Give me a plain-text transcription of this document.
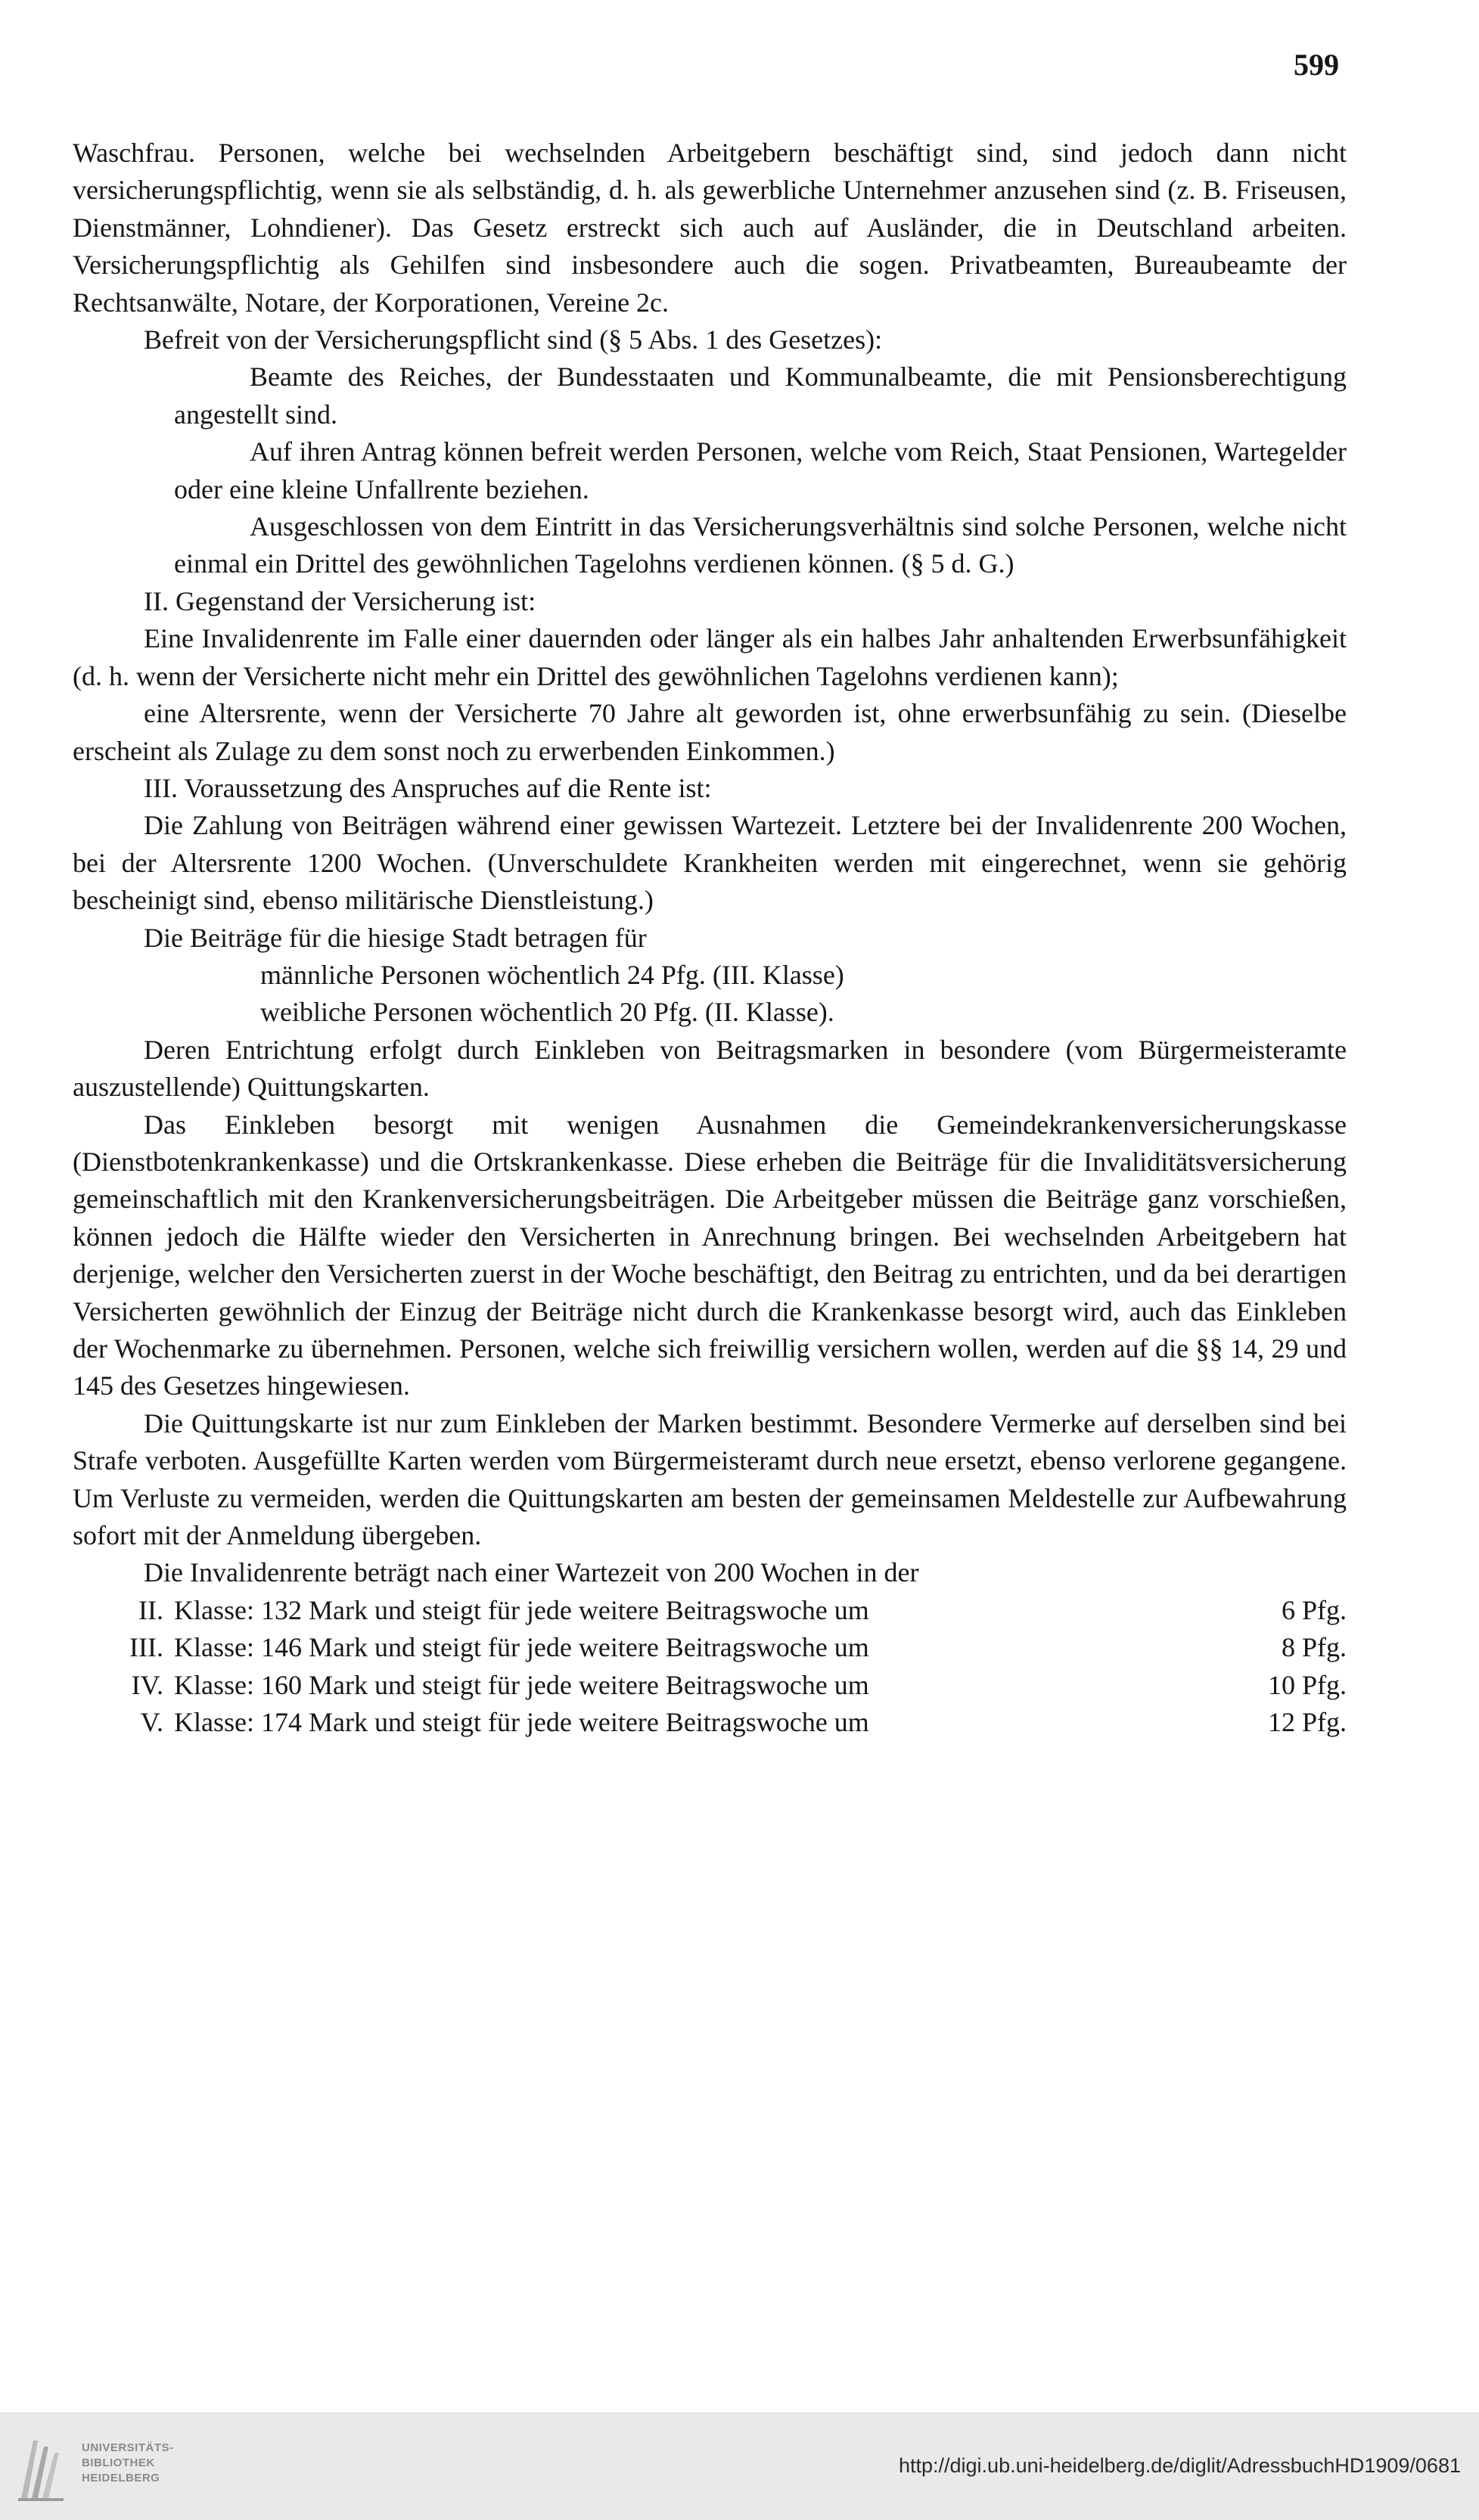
599

Waschfrau. Personen, welche bei wechselnden Arbeitgebern beschäftigt sind, sind jedoch dann nicht versicherungspflichtig, wenn sie als selbständig, d. h. als gewerbliche Unternehmer anzusehen sind (z. B. Friseusen, Dienstmänner, Lohndiener). Das Gesetz erstreckt sich auch auf Ausländer, die in Deutschland arbeiten. Versicherungspflichtig als Gehilfen sind insbesondere auch die sogen. Privatbeamten, Bureaubeamte der Rechtsanwälte, Notare, der Korporationen, Vereine 2c.

Befreit von der Versicherungspflicht sind (§ 5 Abs. 1 des Gesetzes):

Beamte des Reiches, der Bundesstaaten und Kommunalbeamte, die mit Pensionsberechtigung angestellt sind.

Auf ihren Antrag können befreit werden Personen, welche vom Reich, Staat Pensionen, Wartegelder oder eine kleine Unfallrente beziehen.

Ausgeschlossen von dem Eintritt in das Versicherungsverhältnis sind solche Personen, welche nicht einmal ein Drittel des gewöhnlichen Tagelohns verdienen können. (§ 5 d. G.)

II. Gegenstand der Versicherung ist:

Eine Invalidenrente im Falle einer dauernden oder länger als ein halbes Jahr anhaltenden Erwerbsunfähigkeit (d. h. wenn der Versicherte nicht mehr ein Drittel des gewöhnlichen Tagelohns verdienen kann);

eine Altersrente, wenn der Versicherte 70 Jahre alt geworden ist, ohne erwerbsunfähig zu sein. (Dieselbe erscheint als Zulage zu dem sonst noch zu erwerbenden Einkommen.)

III. Voraussetzung des Anspruches auf die Rente ist:

Die Zahlung von Beiträgen während einer gewissen Wartezeit. Letztere bei der Invalidenrente 200 Wochen, bei der Altersrente 1200 Wochen. (Unverschuldete Krankheiten werden mit eingerechnet, wenn sie gehörig bescheinigt sind, ebenso militärische Dienstleistung.)

Die Beiträge für die hiesige Stadt betragen für

männliche Personen wöchentlich 24 Pfg. (III. Klasse)

weibliche Personen wöchentlich 20 Pfg. (II. Klasse).

Deren Entrichtung erfolgt durch Einkleben von Beitragsmarken in besondere (vom Bürgermeisteramte auszustellende) Quittungskarten.

Das Einkleben besorgt mit wenigen Ausnahmen die Gemeindekrankenversicherungskasse (Dienstbotenkrankenkasse) und die Ortskrankenkasse. Diese erheben die Beiträge für die Invaliditätsversicherung gemeinschaftlich mit den Krankenversicherungsbeiträgen. Die Arbeitgeber müssen die Beiträge ganz vorschießen, können jedoch die Hälfte wieder den Versicherten in Anrechnung bringen. Bei wechselnden Arbeitgebern hat derjenige, welcher den Versicherten zuerst in der Woche beschäftigt, den Beitrag zu entrichten, und da bei derartigen Versicherten gewöhnlich der Einzug der Beiträge nicht durch die Krankenkasse besorgt wird, auch das Einkleben der Wochenmarke zu übernehmen. Personen, welche sich freiwillig versichern wollen, werden auf die §§ 14, 29 und 145 des Gesetzes hingewiesen.

Die Quittungskarte ist nur zum Einkleben der Marken bestimmt. Besondere Vermerke auf derselben sind bei Strafe verboten. Ausgefüllte Karten werden vom Bürgermeisteramt durch neue ersetzt, ebenso verlorene gegangene. Um Verluste zu vermeiden, werden die Quittungskarten am besten der gemeinsamen Meldestelle zur Aufbewahrung sofort mit der Anmeldung übergeben.

Die Invalidenrente beträgt nach einer Wartezeit von 200 Wochen in der

II. Klasse: 132 Mark und steigt für jede weitere Beitragswoche um	6 Pfg.
III. Klasse: 146 Mark und steigt für jede weitere Beitragswoche um	8 Pfg.
IV. Klasse: 160 Mark und steigt für jede weitere Beitragswoche um	10 Pfg.
V. Klasse: 174 Mark und steigt für jede weitere Beitragswoche um	12 Pfg.
UNIVERSITÄTS-
BIBLIOTHEK
HEIDELBERG
http://digi.ub.uni-heidelberg.de/diglit/AdressbuchHD1909/0681
